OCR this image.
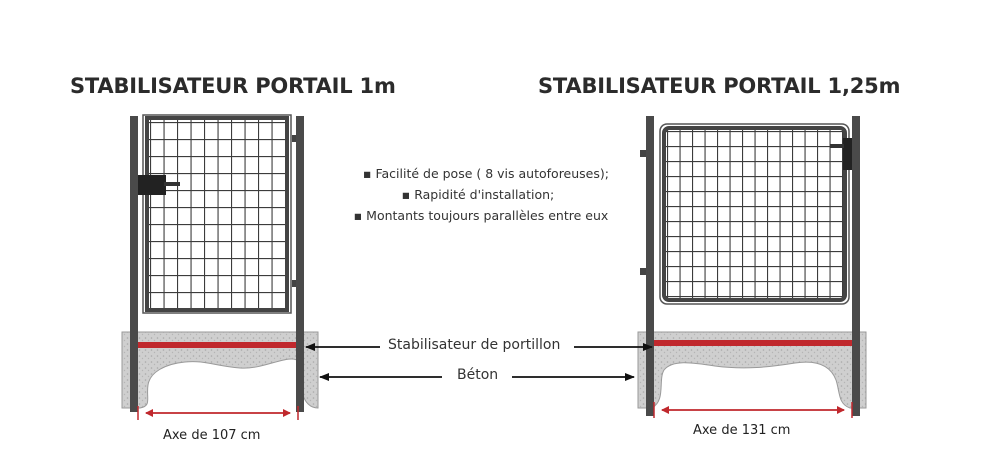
STABILISATEUR PORTAIL 1m	STABILISATEUR PORTAIL 1,25m
▪ Facilité de pose ( 8 vis autoforeuses);
▪ Rapidité d'installation;
▪ Montants toujours parallèles entre eux
Stabilisateur de portillon
Béton
Axe de 107 cm	Axe de 131 cm
